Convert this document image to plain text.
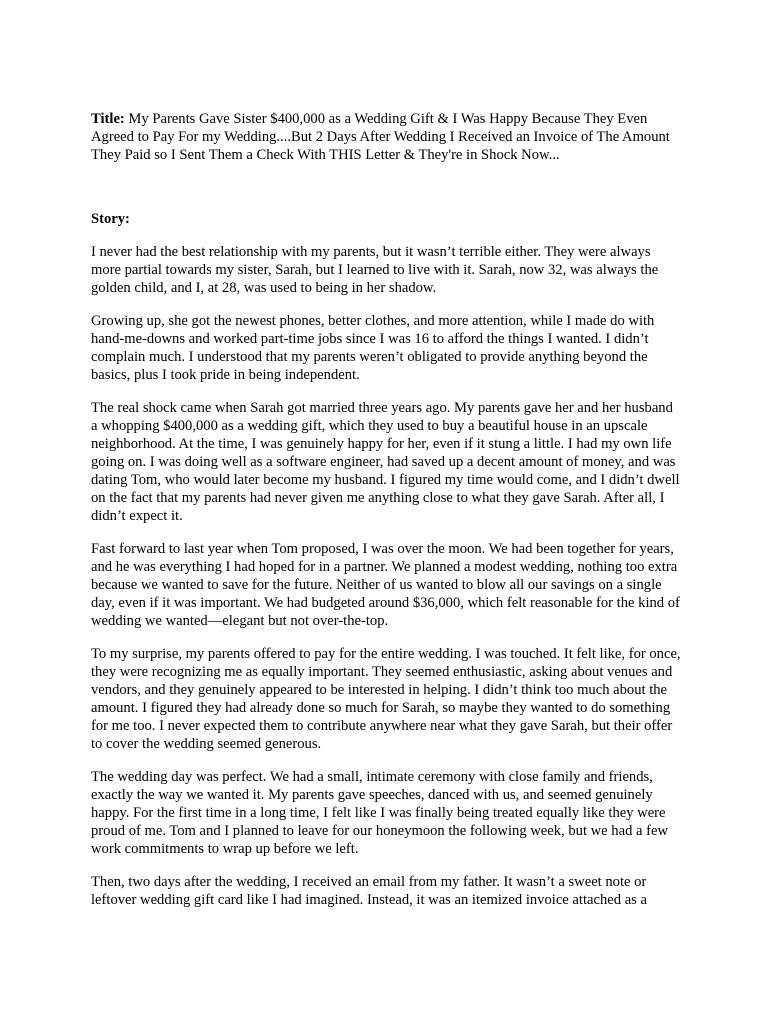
Title: My Parents Gave Sister $400,000 as a Wedding Gift & I Was Happy Because They Even Agreed to Pay For my Wedding....But 2 Days After Wedding I Received an Invoice of The Amount They Paid so I Sent Them a Check With THIS Letter & They're in Shock Now...

Story:

I never had the best relationship with my parents, but it wasn’t terrible either. They were always more partial towards my sister, Sarah, but I learned to live with it. Sarah, now 32, was always the golden child, and I, at 28, was used to being in her shadow.

Growing up, she got the newest phones, better clothes, and more attention, while I made do with hand-me-downs and worked part-time jobs since I was 16 to afford the things I wanted. I didn’t complain much. I understood that my parents weren’t obligated to provide anything beyond the basics, plus I took pride in being independent.

The real shock came when Sarah got married three years ago. My parents gave her and her husband a whopping $400,000 as a wedding gift, which they used to buy a beautiful house in an upscale neighborhood. At the time, I was genuinely happy for her, even if it stung a little. I had my own life going on. I was doing well as a software engineer, had saved up a decent amount of money, and was dating Tom, who would later become my husband. I figured my time would come, and I didn’t dwell on the fact that my parents had never given me anything close to what they gave Sarah. After all, I didn’t expect it.

Fast forward to last year when Tom proposed, I was over the moon. We had been together for years, and he was everything I had hoped for in a partner. We planned a modest wedding, nothing too extra because we wanted to save for the future. Neither of us wanted to blow all our savings on a single day, even if it was important. We had budgeted around $36,000, which felt reasonable for the kind of wedding we wanted—elegant but not over-the-top.

To my surprise, my parents offered to pay for the entire wedding. I was touched. It felt like, for once, they were recognizing me as equally important. They seemed enthusiastic, asking about venues and vendors, and they genuinely appeared to be interested in helping. I didn’t think too much about the amount. I figured they had already done so much for Sarah, so maybe they wanted to do something for me too. I never expected them to contribute anywhere near what they gave Sarah, but their offer to cover the wedding seemed generous.

The wedding day was perfect. We had a small, intimate ceremony with close family and friends, exactly the way we wanted it. My parents gave speeches, danced with us, and seemed genuinely happy. For the first time in a long time, I felt like I was finally being treated equally like they were proud of me. Tom and I planned to leave for our honeymoon the following week, but we had a few work commitments to wrap up before we left.

Then, two days after the wedding, I received an email from my father. It wasn’t a sweet note or leftover wedding gift card like I had imagined. Instead, it was an itemized invoice attached as a
